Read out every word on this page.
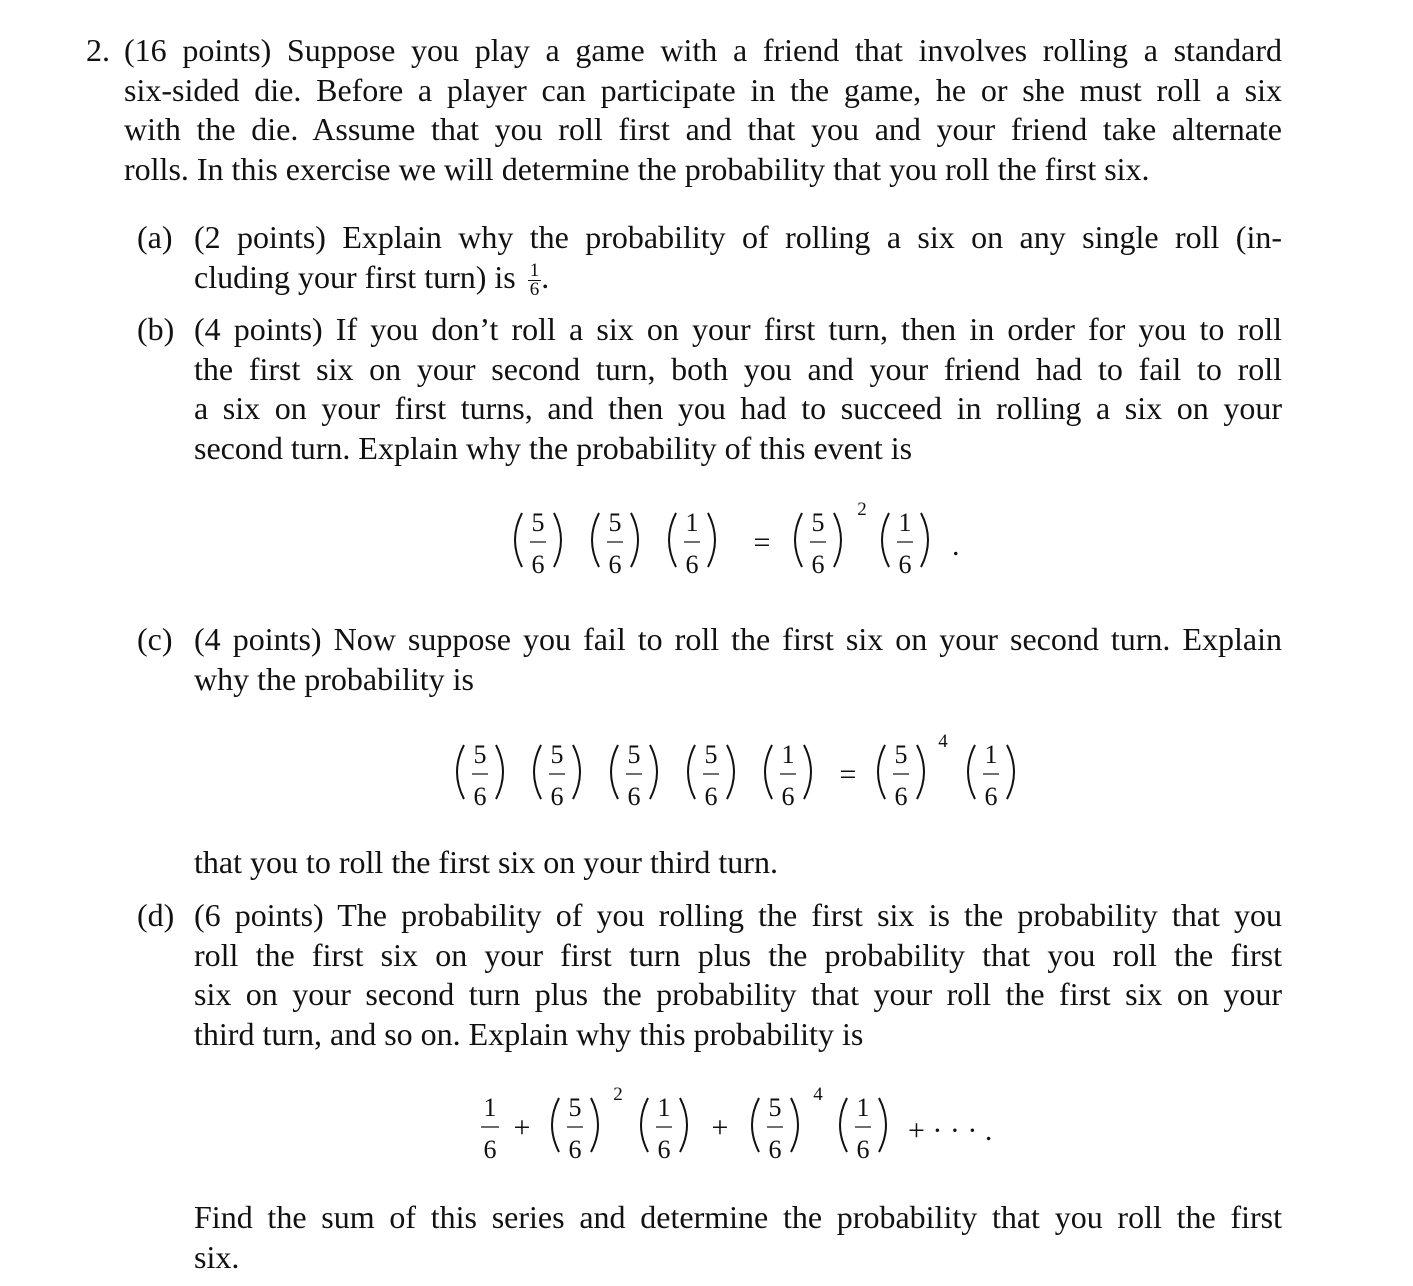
2. (16 points) Suppose you play a game with a friend that involves rolling a standard
six-sided die. Before a player can participate in the game, he or she must roll a six
with the die. Assume that you roll first and that you and your friend take alternate
rolls. In this exercise we will determine the probability that you roll the first six.
(a) (2 points) Explain why the probability of rolling a six on any single roll (in-
cluding your first turn) is $\frac{1}{6}$ .
(b) (4 points) If you don’t roll a six on your first turn, then in order for you to roll
the first six on your second turn, both you and your friend had to fail to roll
a six on your first turns, and then you had to succeed in rolling a six on your
second turn. Explain why the probability of this event is
5
6
5
6
1
6
=
5
6
2 1
6
.
(c) (4 points) Now suppose you fail to roll the first six on your second turn. Explain
why the probability is
5
6
5
6
5
6
5
6
1
6
=
5
6
4 1
6
that you to roll the first six on your third turn.
(d) (6 points) The probability of you rolling the first six is the probability that you
roll the first six on your first turn plus the probability that you roll the first
six on your second turn plus the probability that your roll the first six on your
third turn, and so on. Explain why this probability is
1
6
+
5
6
2 1
6
+
5
6
4 1
6
+ · · · .
Find the sum of this series and determine the probability that you roll the first
six.
